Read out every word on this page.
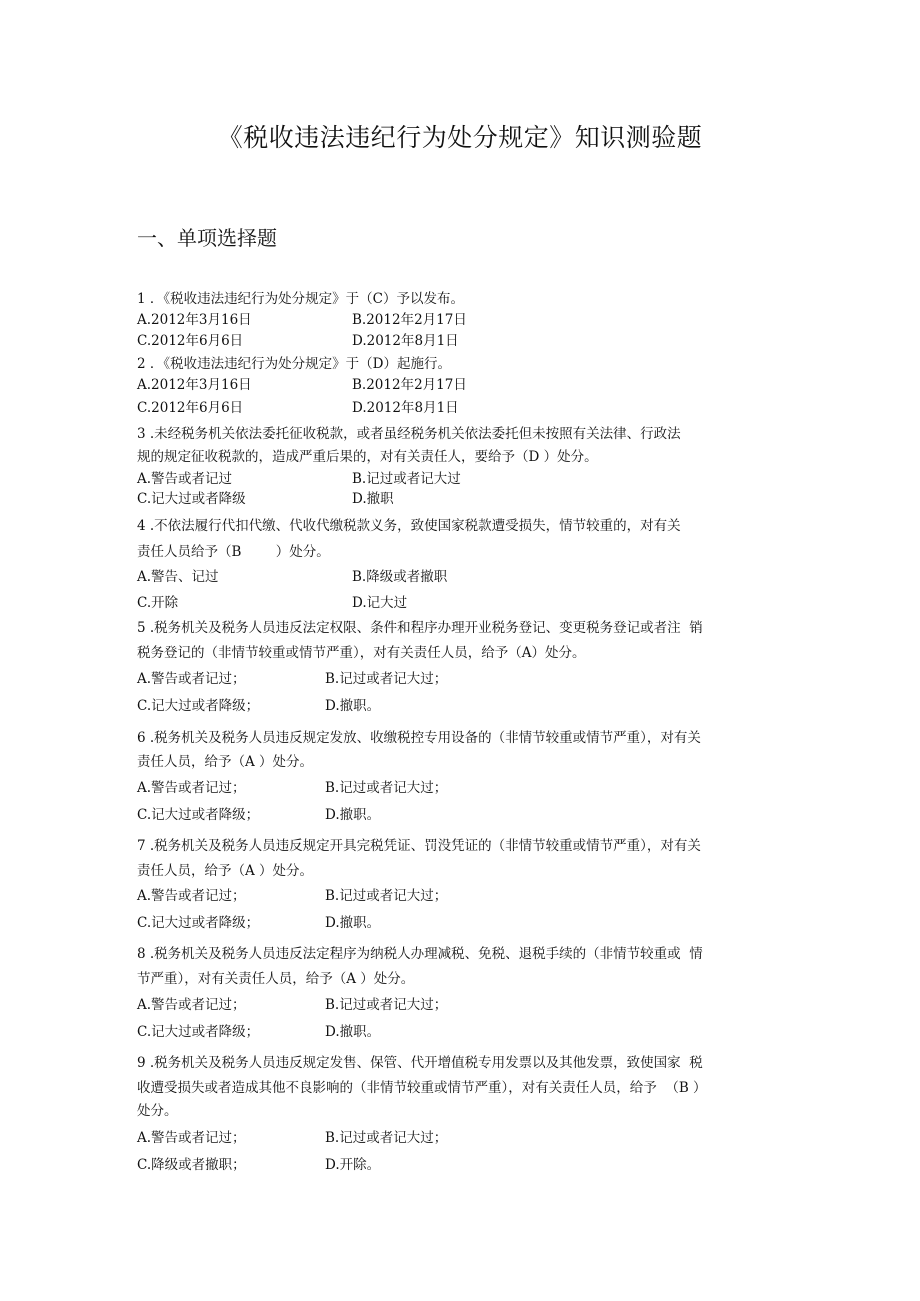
《税收违法违纪行为处分规定》知识测验题
一、单项选择题
1 ．《税收违法违纪行为处分规定》于（C）予以发布。
A.2012年3月16日	B.2012年2月17日
C.2012年6月6日	D.2012年8月1日
2 ．《税收违法违纪行为处分规定》于（D）起施行。
A.2012年3月16日	B.2012年2月17日
C.2012年6月6日	D.2012年8月1日
3 .未经税务机关依法委托征收税款，或者虽经税务机关依法委托但未按照有关法律、行政法
规的规定征收税款的，造成严重后果的，对有关责任人，要给予（D ）处分。
A.警告或者记过	B.记过或者记大过
C.记大过或者降级	D.撤职
4 .不依法履行代扣代缴、代收代缴税款义务，致使国家税款遭受损失，情节较重的，对有关
责任人员给予（B        ）处分。
A.警告、记过	B.降级或者撤职
C.开除	D.记大过
5 .税务机关及税务人员违反法定权限、条件和程序办理开业税务登记、变更税务登记或者注  销
税务登记的（非情节较重或情节严重），对有关责任人员，给予（A）处分。
A.警告或者记过；	B.记过或者记大过；
C.记大过或者降级；	D.撤职。
6 .税务机关及税务人员违反规定发放、收缴税控专用设备的（非情节较重或情节严重），对有关
责任人员，给予（A ）处分。
A.警告或者记过；	B.记过或者记大过；
C.记大过或者降级；	D.撤职。
7 .税务机关及税务人员违反规定开具完税凭证、罚没凭证的（非情节较重或情节严重），对有关
责任人员，给予（A ）处分。
A.警告或者记过；	B.记过或者记大过；
C.记大过或者降级；	D.撤职。
8 .税务机关及税务人员违反法定程序为纳税人办理减税、免税、退税手续的（非情节较重或  情
节严重），对有关责任人员，给予（A ）处分。
A.警告或者记过；	B.记过或者记大过；
C.记大过或者降级；	D.撤职。
9 .税务机关及税务人员违反规定发售、保管、代开增值税专用发票以及其他发票，致使国家  税
收遭受损失或者造成其他不良影响的（非情节较重或情节严重），对有关责任人员，给予  （B ）
处分。
A.警告或者记过；	B.记过或者记大过；
C.降级或者撤职；	D.开除。
